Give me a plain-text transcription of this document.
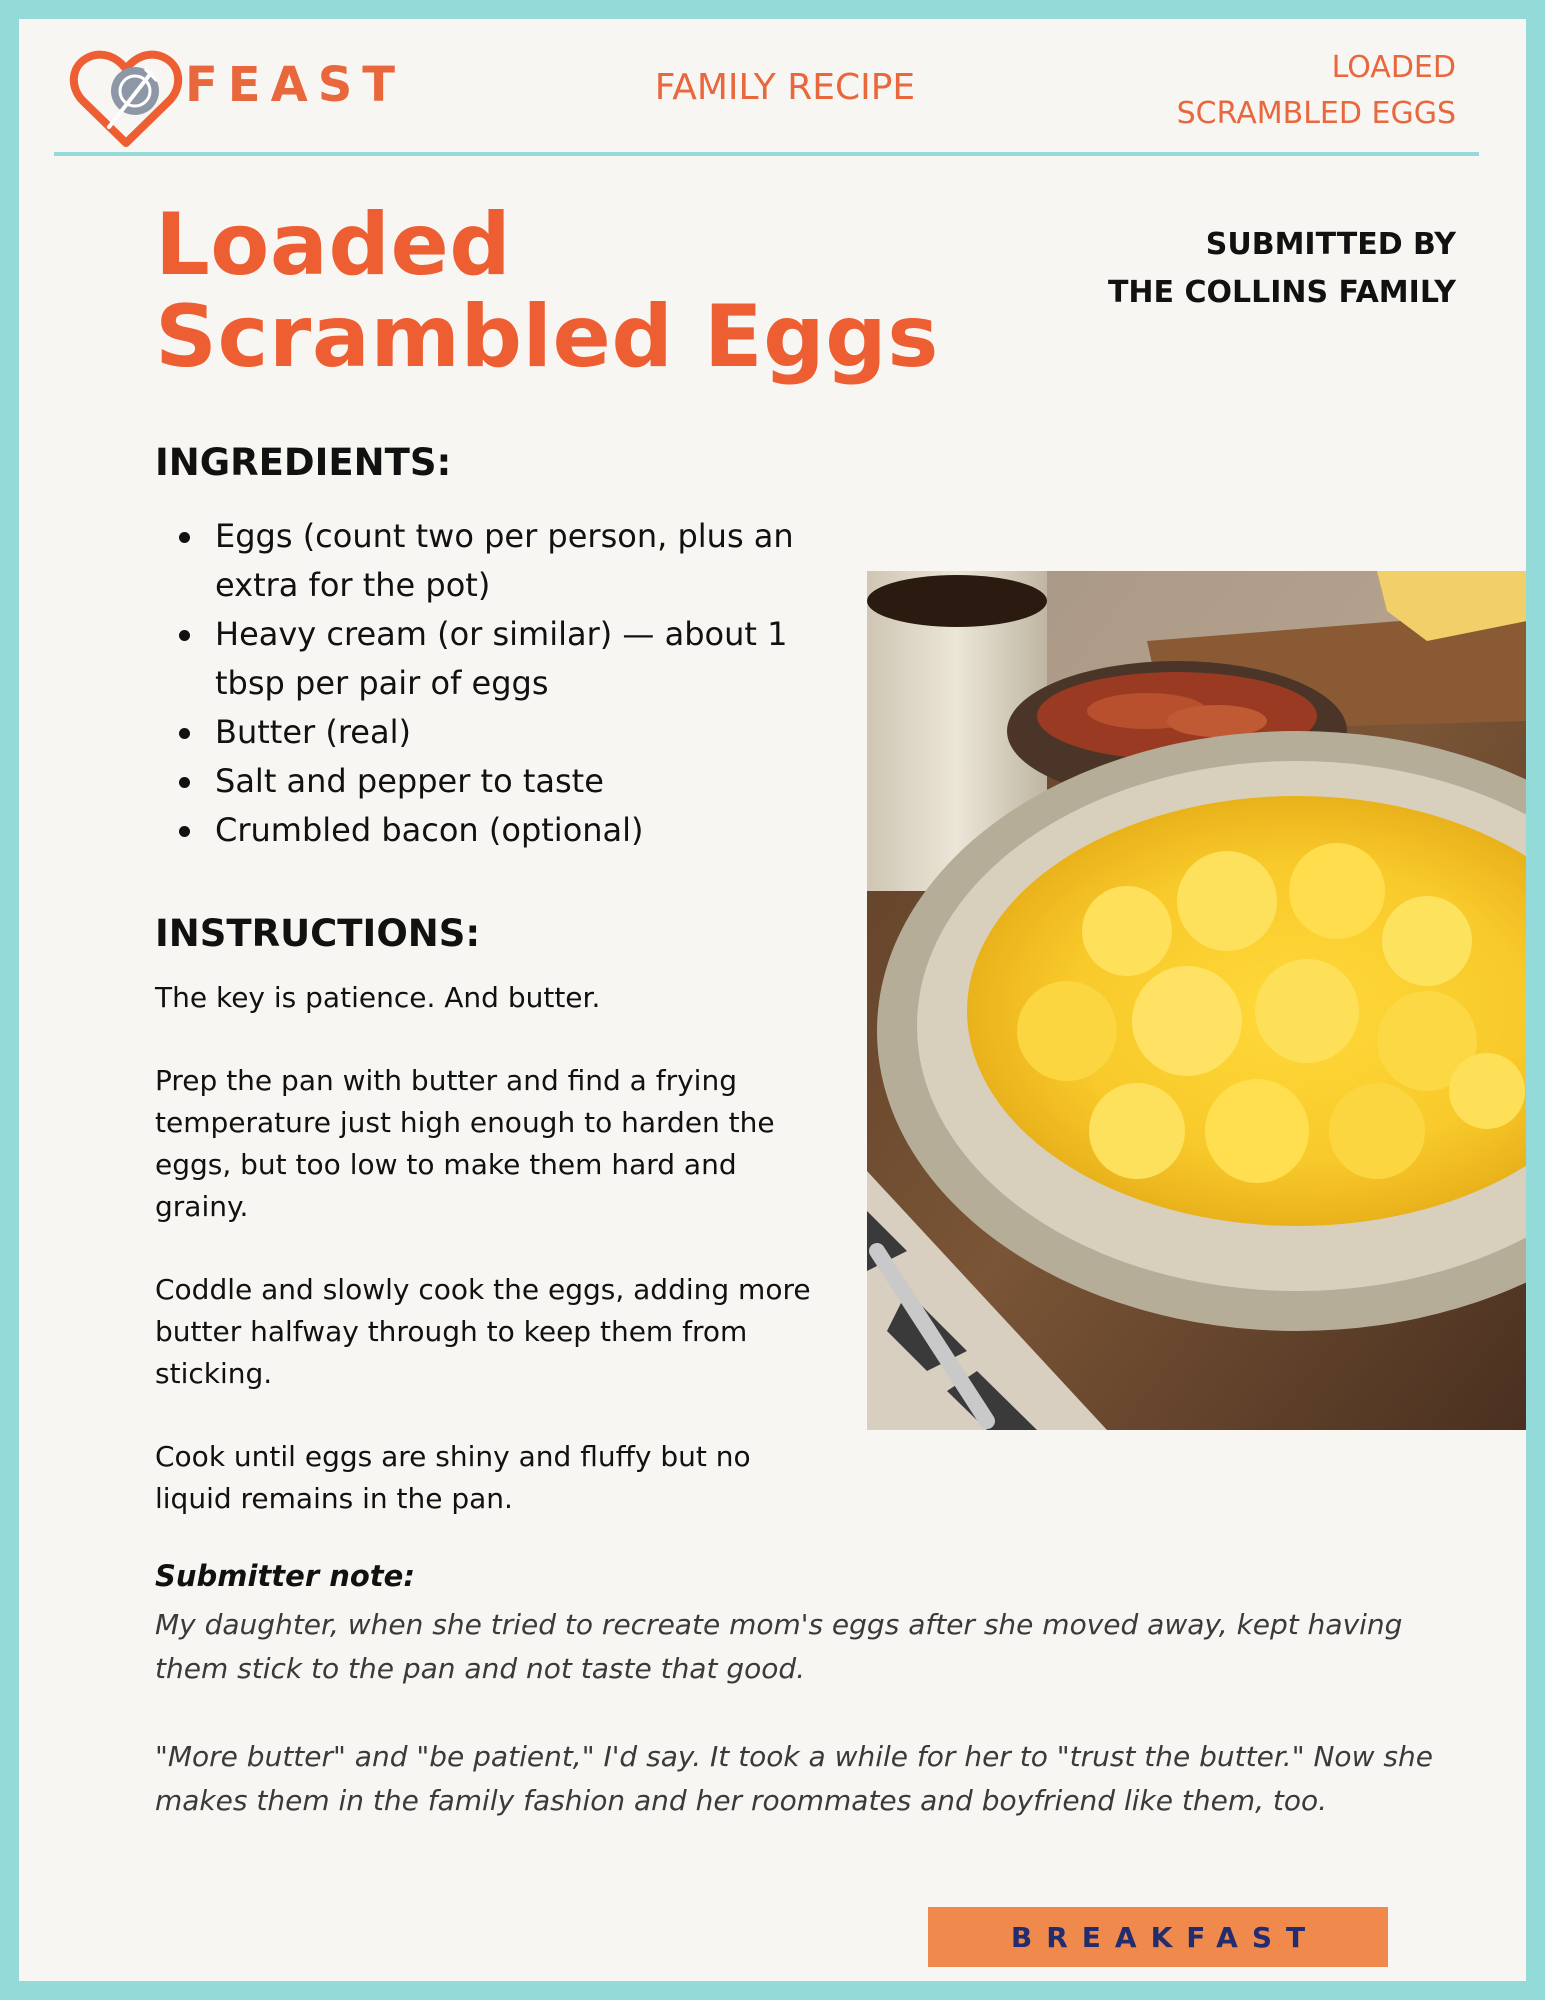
FEAST	FAMILY RECIPE	LOADED
SCRAMBLED EGGS
Loaded
Scrambled Eggs
SUBMITTED BY
THE COLLINS FAMILY
INGREDIENTS:
Eggs (count two per person, plus an extra for the pot)
Heavy cream (or similar) — about 1 tbsp per pair of eggs
Butter (real)
Salt and pepper to taste
Crumbled bacon (optional)
INSTRUCTIONS:

The key is patience. And butter.

Prep the pan with butter and find a frying temperature just high enough to harden the eggs, but too low to make them hard and grainy.

Coddle and slowly cook the eggs, adding more butter halfway through to keep them from sticking.

Cook until eggs are shiny and fluffy but no liquid remains in the pan.

Submitter note:

My daughter, when she tried to recreate mom's eggs after she moved away, kept having them stick to the pan and not taste that good.

"More butter" and "be patient," I'd say. It took a while for her to "trust the butter." Now she makes them in the family fashion and her roommates and boyfriend like them, too.

BREAKFAST
